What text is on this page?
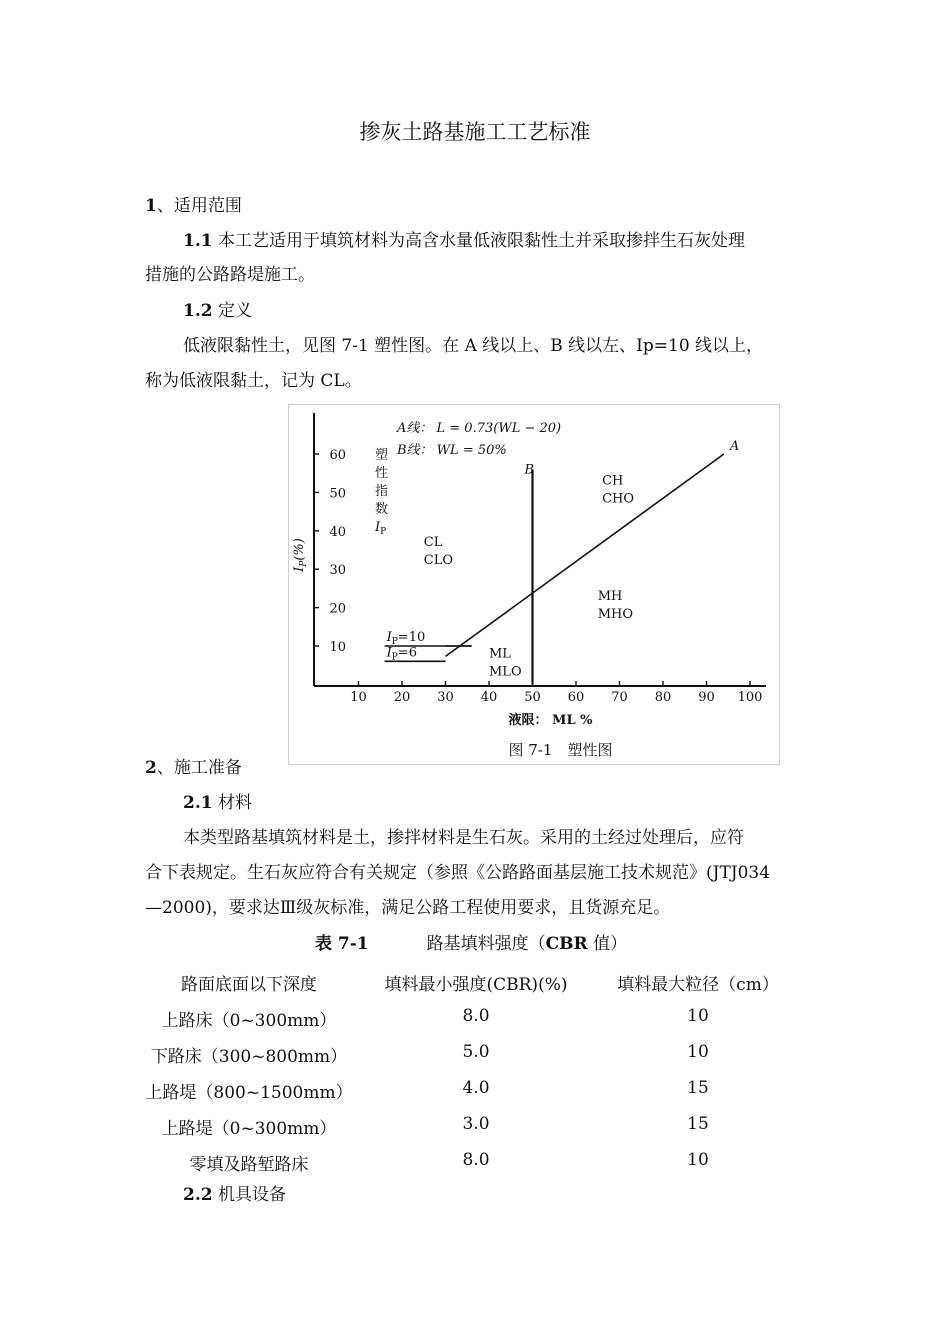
掺灰土路基施工工艺标准
1、适用范围
1.1 本工艺适用于填筑材料为高含水量低液限黏性土并采取掺拌生石灰处理
措施的公路路堤施工。
1.2 定义
低液限黏性土，见图 7-1 塑性图。在 A 线以上、B 线以左、Ip=10 线以上，
称为低液限黏土，记为 CL。
10 20 30 40 50 60 70 80 90 100
10
20
30
40
50
60
A
B
$I_P=10$
$I_P=6$
CH
CHO
CL
CLO
MH
MHO
ML
MLO
A线： L = 0.73(WL − 20)
B线： WL = 50%
$I_P(\%)$
塑
性
指
数
$I_P$
液限： ML %
图 7-1　塑性图
2、施工准备
2.1 材料
本类型路基填筑材料是土，掺拌材料是生石灰。采用的土经过处理后，应符
合下表规定。生石灰应符合有关规定（参照《公路路面基层施工技术规范》(JTJ034
—2000)，要求达Ⅲ级灰标准，满足公路工程使用要求，且货源充足。
表 7-1	路基填料强度（CBR 值）
路面底面以下深度	填料最小强度(CBR)(%)	填料最大粒径（cm）
上路床（0~300mm）	8.0	10
下路床（300~800mm）	5.0	10
上路堤（800~1500mm）	4.0	15
上路堤（0~300mm）	3.0	15
零填及路堑路床	8.0	10
2.2 机具设备
